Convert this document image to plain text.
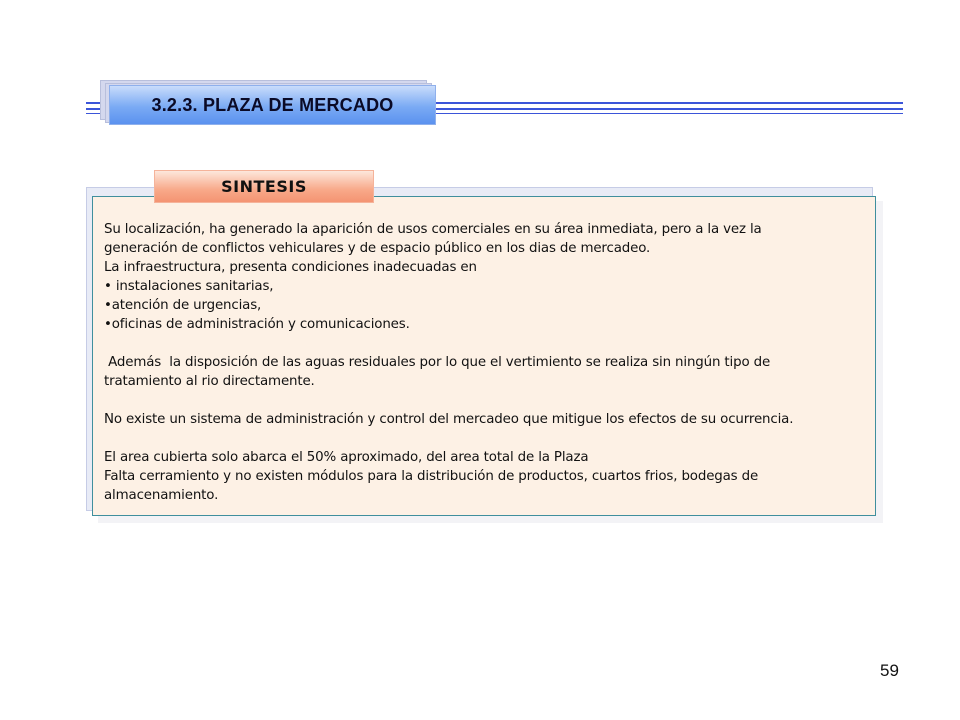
3.2.3. PLAZA DE MERCADO

Su localización, ha generado la aparición de usos comerciales en su área inmediata, pero a la vez la

generación de conflictos vehiculares y de espacio público en los dias de mercadeo.

La infraestructura, presenta condiciones inadecuadas en

• instalaciones sanitarias,

•atención de urgencias,

•oficinas de administración y comunicaciones.

Además  la disposición de las aguas residuales por lo que el vertimiento se realiza sin ningún tipo de

tratamiento al rio directamente.

No existe un sistema de administración y control del mercadeo que mitigue los efectos de su ocurrencia.

El area cubierta solo abarca el 50% aproximado, del area total de la Plaza

Falta cerramiento y no existen módulos para la distribución de productos, cuartos frios, bodegas de

almacenamiento.

SINTESIS
59
